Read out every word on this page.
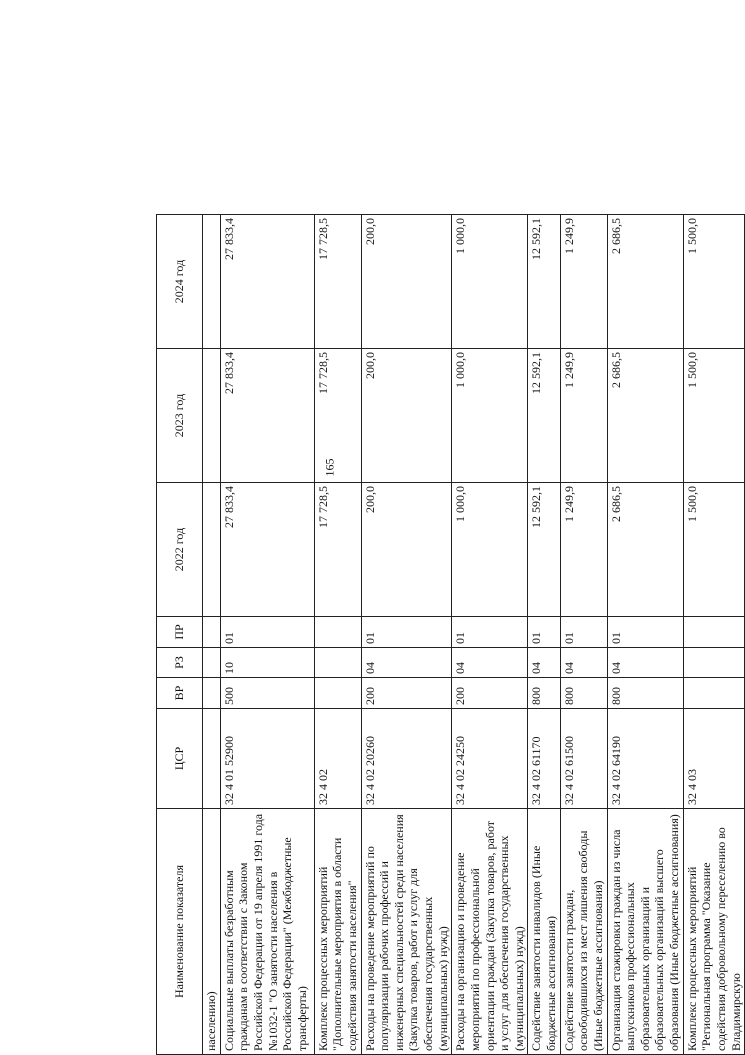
165
Наименование показателя	ЦСР	ВР	РЗ	ПР	2022 год	2023 год	2024 год
населению)							
Социальные выплаты безработным гражданам в соответствии с Законом Российской Федерации от 19 апреля 1991 года №1032-1 "О занятости населения в Российской Федерации" (Межбюджетные трансферты)	32 4 01 52900	500	10	01	27 833,4	27 833,4	27 833,4
Комплекс процессных мероприятий "Дополнительные мероприятия в области содействия занятости населения"	32 4 02				17 728,5	17 728,5	17 728,5
Расходы на проведение мероприятий по популяризации рабочих профессий и инженерных специальностей среди населения (Закупка товаров, работ и услуг для обеспечения государственных (муниципальных) нужд)	32 4 02 20260	200	04	01	200,0	200,0	200,0
Расходы на организацию и проведение мероприятий по профессиональной ориентации граждан (Закупка товаров, работ и услуг для обеспечения государственных (муниципальных) нужд)	32 4 02 24250	200	04	01	1 000,0	1 000,0	1 000,0
Содействие занятости инвалидов (Иные бюджетные ассигнования)	32 4 02 61170	800	04	01	12 592,1	12 592,1	12 592,1
Содействие занятости граждан, освободившихся из мест лишения свободы (Иные бюджетные ассигнования)	32 4 02 61500	800	04	01	1 249,9	1 249,9	1 249,9
Организация стажировки граждан из числа выпускников профессиональных образовательных организаций и образовательных организаций высшего образования (Иные бюджетные ассигнования)	32 4 02 64190	800	04	01	2 686,5	2 686,5	2 686,5
Комплекс процессных мероприятий "Региональная программа "Оказание содействия добровольному переселению во Владимирскую	32 4 03				1 500,0	1 500,0	1 500,0
